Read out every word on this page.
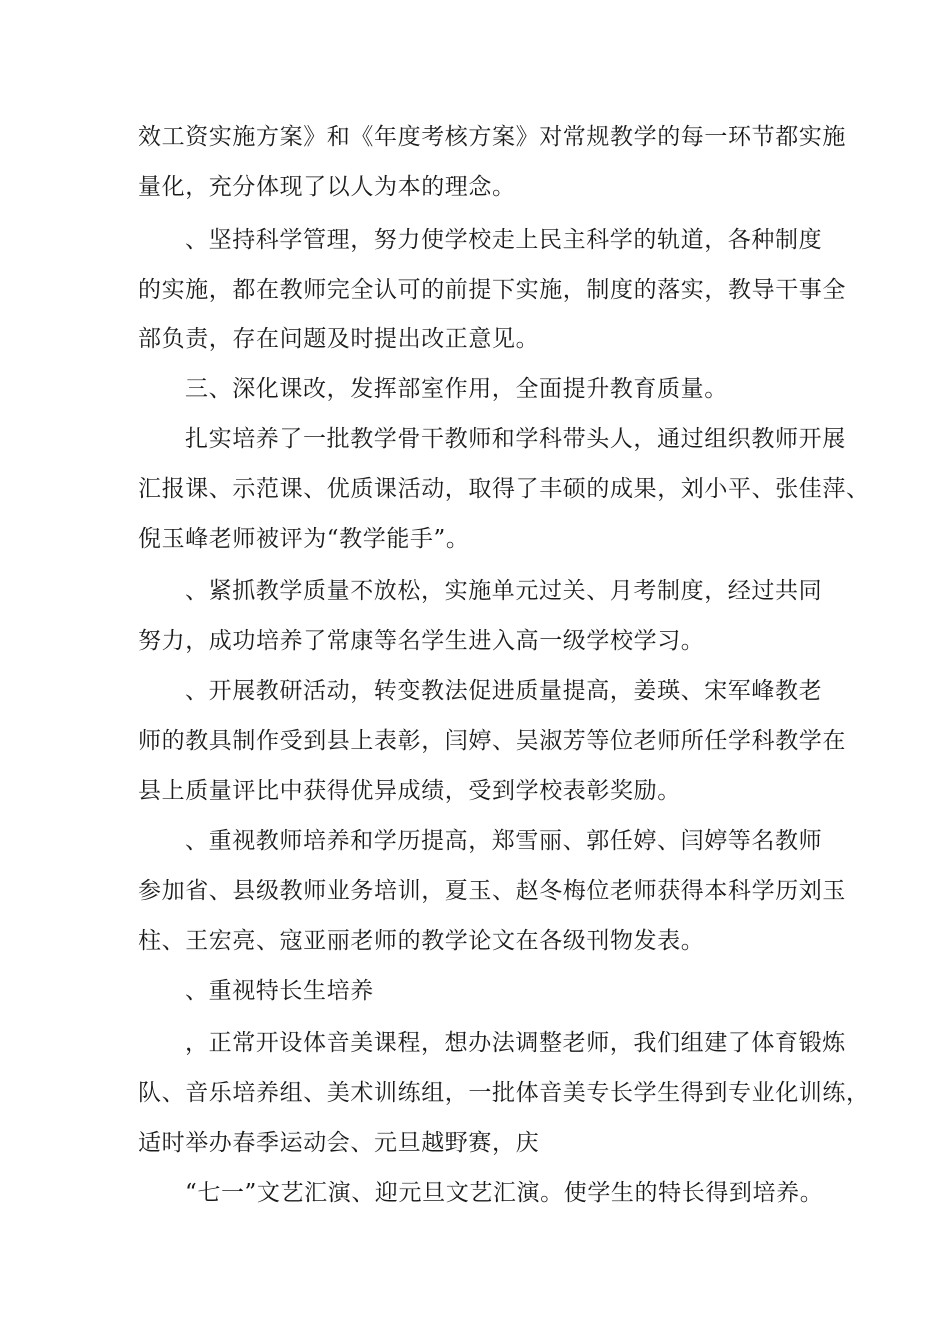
效工资实施方案》和《年度考核方案》对常规教学的每一环节都实施
量化，充分体现了以人为本的理念。
、坚持科学管理，努力使学校走上民主科学的轨道，各种制度
的实施，都在教师完全认可的前提下实施，制度的落实，教导干事全
部负责，存在问题及时提出改正意见。
三、深化课改，发挥部室作用，全面提升教育质量。
扎实培养了一批教学骨干教师和学科带头人，通过组织教师开展
汇报课、示范课、优质课活动，取得了丰硕的成果，刘小平、张佳萍、
倪玉峰老师被评为“教学能手”。
、紧抓教学质量不放松，实施单元过关、月考制度，经过共同
努力，成功培养了常康等名学生进入高一级学校学习。
、开展教研活动，转变教法促进质量提高，姜瑛、宋军峰教老
师的教具制作受到县上表彰，闫婷、吴淑芳等位老师所任学科教学在
县上质量评比中获得优异成绩，受到学校表彰奖励。
、重视教师培养和学历提高，郑雪丽、郭任婷、闫婷等名教师
参加省、县级教师业务培训，夏玉、赵冬梅位老师获得本科学历刘玉
柱、王宏亮、寇亚丽老师的教学论文在各级刊物发表。
、重视特长生培养
，正常开设体音美课程，想办法调整老师，我们组建了体育锻炼
队、音乐培养组、美术训练组，一批体音美专长学生得到专业化训练，
适时举办春季运动会、元旦越野赛，庆
“七一”文艺汇演、迎元旦文艺汇演。使学生的特长得到培养。
